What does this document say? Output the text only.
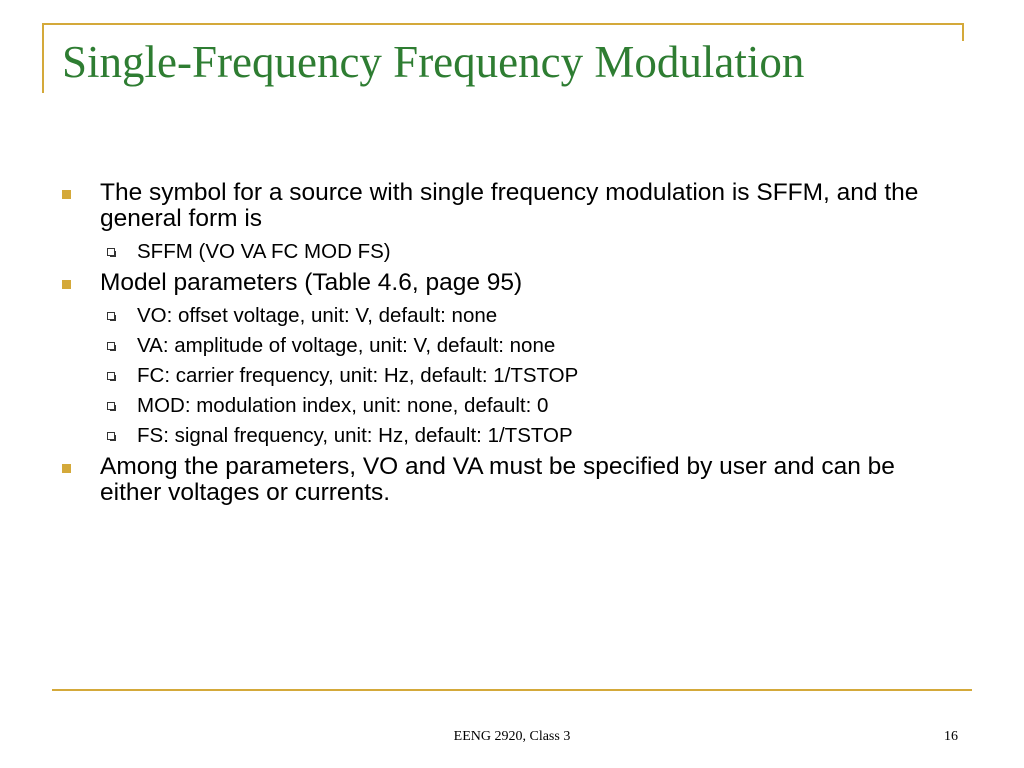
Single-Frequency Frequency Modulation
The symbol for a source with single frequency modulation is SFFM, and the general form is
SFFM (VO VA FC MOD FS)
Model parameters (Table 4.6, page 95)
VO: offset voltage, unit: V, default: none
VA: amplitude of voltage, unit: V, default: none
FC: carrier frequency, unit: Hz, default: 1/TSTOP
MOD: modulation index, unit: none, default: 0
FS: signal frequency, unit: Hz, default: 1/TSTOP
Among the parameters, VO and VA must be specified by user and can be either voltages or currents.
EENG 2920, Class 3	16
